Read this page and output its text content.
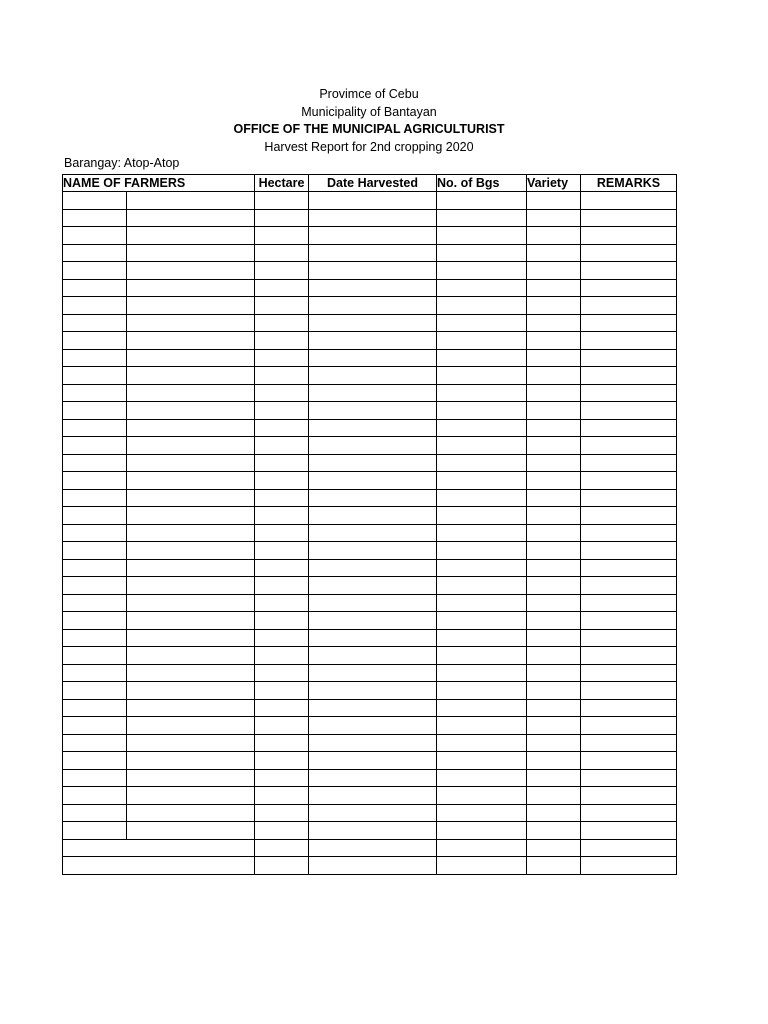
Provimce of Cebu
Municipality of Bantayan
OFFICE OF THE MUNICIPAL AGRICULTURIST
Harvest Report for 2nd cropping 2020
Barangay: Atop-Atop
NAME OF FARMERS		Hectare	Date Harvested	No. of Bgs	Variety	REMARKS
